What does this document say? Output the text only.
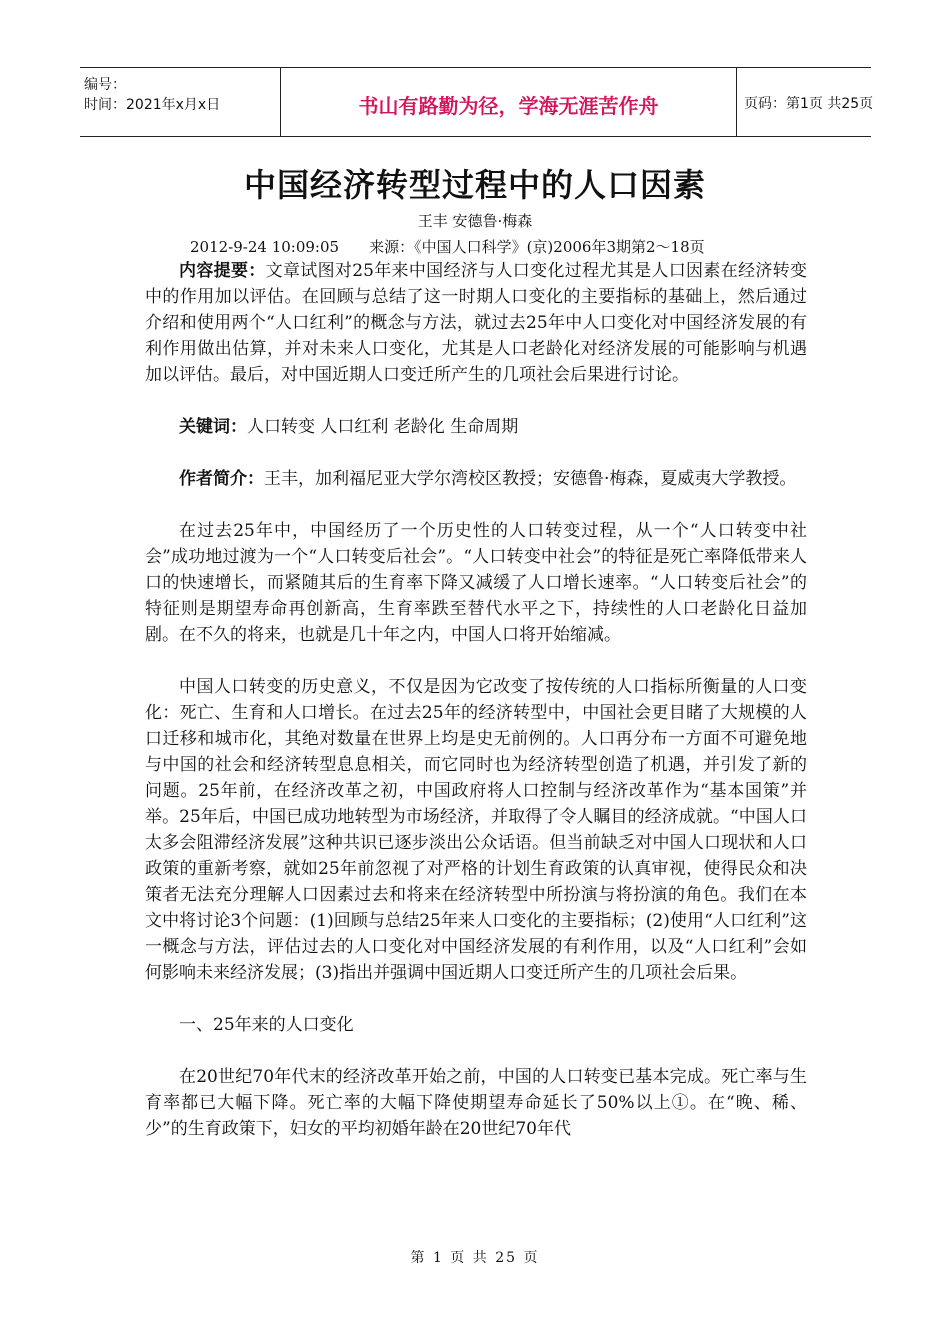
编号：
时间：2021年x月x日	书山有路勤为径，学海无涯苦作舟	页码：第1页 共25页
中国经济转型过程中的人口因素
王丰 安德鲁·梅森
2012-9-24 10:09:05　　来源：《中国人口科学》(京)2006年3期第2～18页

内容提要：文章试图对25年来中国经济与人口变化过程尤其是人口因素在经济转变中的作用加以评估。在回顾与总结了这一时期人口变化的主要指标的基础上，然后通过介绍和使用两个“人口红利”的概念与方法，就过去25年中人口变化对中国经济发展的有利作用做出估算，并对未来人口变化，尤其是人口老龄化对经济发展的可能影响与机遇加以评估。最后，对中国近期人口变迁所产生的几项社会后果进行讨论。

关键词：人口转变 人口红利 老龄化 生命周期

作者简介：王丰，加利福尼亚大学尔湾校区教授；安德鲁·梅森，夏威夷大学教授。

在过去25年中，中国经历了一个历史性的人口转变过程，从一个“人口转变中社会”成功地过渡为一个“人口转变后社会”。“人口转变中社会”的特征是死亡率降低带来人口的快速增长，而紧随其后的生育率下降又减缓了人口增长速率。“人口转变后社会”的特征则是期望寿命再创新高，生育率跌至替代水平之下，持续性的人口老龄化日益加剧。在不久的将来，也就是几十年之内，中国人口将开始缩减。

中国人口转变的历史意义，不仅是因为它改变了按传统的人口指标所衡量的人口变化：死亡、生育和人口增长。在过去25年的经济转型中，中国社会更目睹了大规模的人口迁移和城市化，其绝对数量在世界上均是史无前例的。人口再分布一方面不可避免地与中国的社会和经济转型息息相关，而它同时也为经济转型创造了机遇，并引发了新的问题。25年前，在经济改革之初，中国政府将人口控制与经济改革作为“基本国策”并举。25年后，中国已成功地转型为市场经济，并取得了令人瞩目的经济成就。“中国人口太多会阻滞经济发展”这种共识已逐步淡出公众话语。但当前缺乏对中国人口现状和人口政策的重新考察，就如25年前忽视了对严格的计划生育政策的认真审视，使得民众和决策者无法充分理解人口因素过去和将来在经济转型中所扮演与将扮演的角色。我们在本文中将讨论3个问题：(1)回顾与总结25年来人口变化的主要指标；(2)使用“人口红利”这一概念与方法，评估过去的人口变化对中国经济发展的有利作用，以及“人口红利”会如何影响未来经济发展；(3)指出并强调中国近期人口变迁所产生的几项社会后果。

一、25年来的人口变化

在20世纪70年代末的经济改革开始之前，中国的人口转变已基本完成。死亡率与生育率都已大幅下降。死亡率的大幅下降使期望寿命延长了50%以上①。在“晚、稀、少”的生育政策下，妇女的平均初婚年龄在20世纪70年代

第 1 页 共 25 页
